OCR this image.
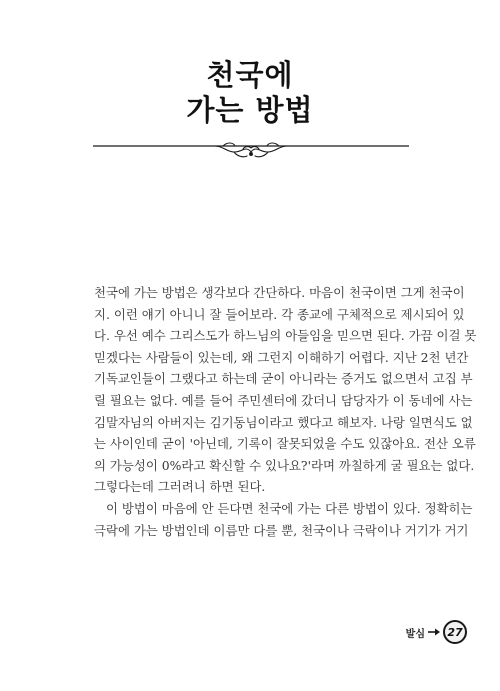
천국에
가는 방법
천국에 가는 방법은 생각보다 간단하다. 마음이 천국이면 그게 천국이
지. 이런 얘기 아니니 잘 들어보라. 각 종교에 구체적으로 제시되어 있
다. 우선 예수 그리스도가 하느님의 아들임을 믿으면 된다. 가끔 이걸 못
믿겠다는 사람들이 있는데, 왜 그런지 이해하기 어렵다. 지난 2천 년간
기독교인들이 그랬다고 하는데 굳이 아니라는 증거도 없으면서 고집 부
릴 필요는 없다. 예를 들어 주민센터에 갔더니 담당자가 이 동네에 사는
김말자님의 아버지는 김기동님이라고 했다고 해보자. 나랑 일면식도 없
는 사이인데 굳이 '아닌데, 기록이 잘못되었을 수도 있잖아요. 전산 오류
의 가능성이 0%라고 확신할 수 있나요?'라며 까칠하게 굴 필요는 없다.
그렇다는데 그러려니 하면 된다.
이 방법이 마음에 안 든다면 천국에 가는 다른 방법이 있다. 정확히는
극락에 가는 방법인데 이름만 다를 뿐, 천국이나 극락이나 거기가 거기
발심 27
